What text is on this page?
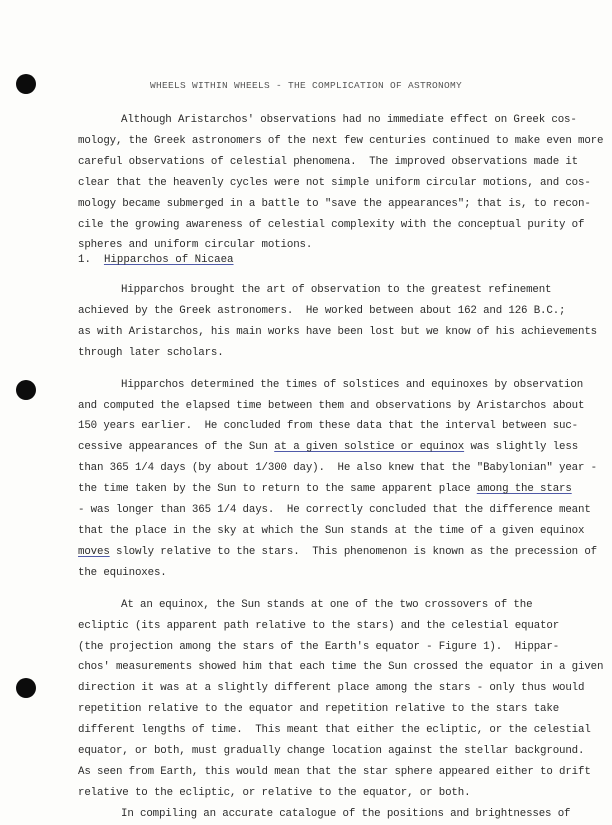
WHEELS WITHIN WHEELS - THE COMPLICATION OF ASTRONOMY
Although Aristarchos' observations had no immediate effect on Greek cos-
mology, the Greek astronomers of the next few centuries continued to make even more
careful observations of celestial phenomena.  The improved observations made it
clear that the heavenly cycles were not simple uniform circular motions, and cos-
mology became submerged in a battle to "save the appearances"; that is, to recon-
cile the growing awareness of celestial complexity with the conceptual purity of
spheres and uniform circular motions.
1. Hipparchos of Nicaea
Hipparchos brought the art of observation to the greatest refinement
achieved by the Greek astronomers.  He worked between about 162 and 126 B.C.;
as with Aristarchos, his main works have been lost but we know of his achievements
through later scholars.
Hipparchos determined the times of solstices and equinoxes by observation
and computed the elapsed time between them and observations by Aristarchos about
150 years earlier.  He concluded from these data that the interval between suc-
cessive appearances of the Sun at a given solstice or equinox was slightly less
than 365 1/4 days (by about 1/300 day).  He also knew that the "Babylonian" year -
the time taken by the Sun to return to the same apparent place among the stars
- was longer than 365 1/4 days.  He correctly concluded that the difference meant
that the place in the sky at which the Sun stands at the time of a given equinox
moves slowly relative to the stars.  This phenomenon is known as the precession of
the equinoxes.
At an equinox, the Sun stands at one of the two crossovers of the
ecliptic (its apparent path relative to the stars) and the celestial equator
(the projection among the stars of the Earth's equator - Figure 1).  Hippar-
chos' measurements showed him that each time the Sun crossed the equator in a given
direction it was at a slightly different place among the stars - only thus would
repetition relative to the equator and repetition relative to the stars take
different lengths of time.  This meant that either the ecliptic, or the celestial
equator, or both, must gradually change location against the stellar background.
As seen from Earth, this would mean that the star sphere appeared either to drift
relative to the ecliptic, or relative to the equator, or both.
In compiling an accurate catalogue of the positions and brightnesses of
